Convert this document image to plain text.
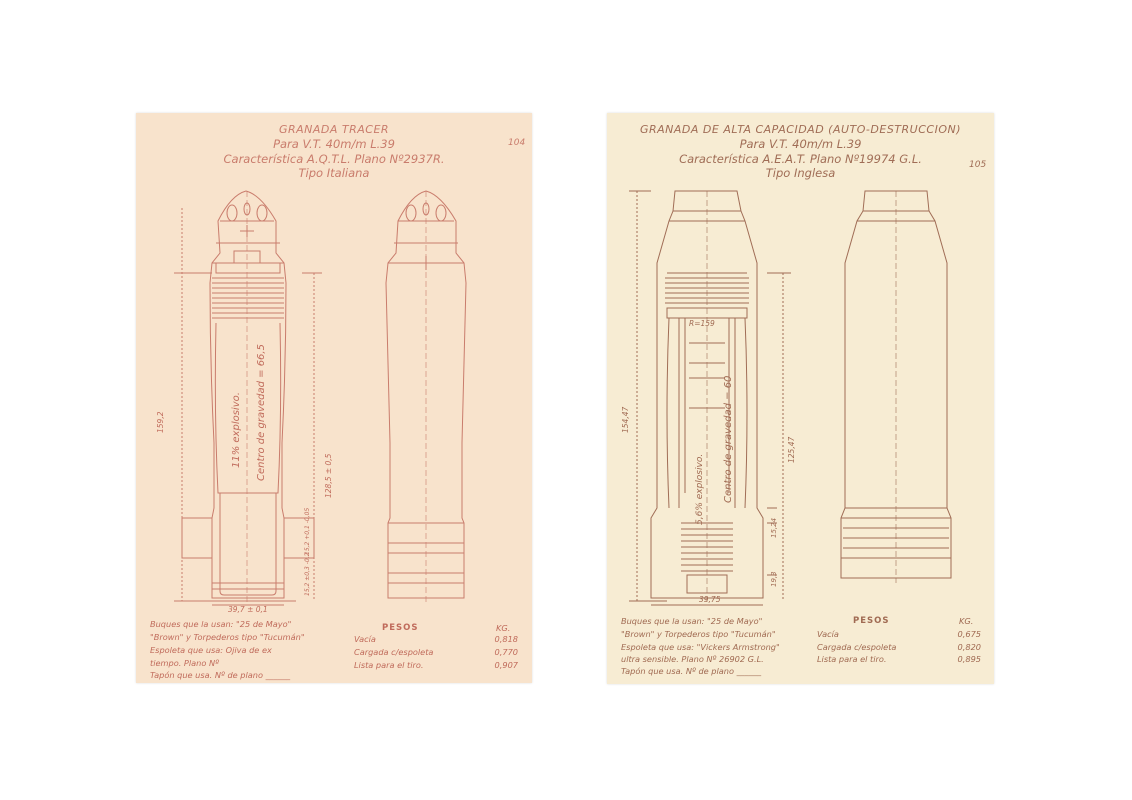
GRANADA TRACER
Para V.T. 40m/m L.39
Característica A.Q.T.L. Plano Nº2937R.
Tipo Italiana
104
11% explosivo. Centro de gravedad = 66,5
159,2
128,5 ± 0,5
15,2 +0,1 -0,05
15,2 ±0,3 -0,2
39,7 ± 0,1
Buques que la usan: "25 de Mayo"
"Brown" y Torpederos tipo "Tucumán"
Espoleta que usa: Ojiva de ex
tiempo. Plano Nº
Tapón que usa. Nº de plano ______
PESOS	KG.
Vacía	0,818
Cargada c/espoleta	0,770
Lista para el tiro.	0,907
GRANADA DE ALTA CAPACIDAD (AUTO-DESTRUCCION)
Para V.T. 40m/m L.39
Característica A.E.A.T. Plano Nº19974 G.L.
Tipo Inglesa
105
R=159
5,6% explosivo. Centro de gravedad = 60
154,47
125,47
15,24
19,3
39,75
Buques que la usan: "25 de Mayo"
"Brown" y Torpederos tipo "Tucumán"
Espoleta que usa: "Vickers Armstrong"
ultra sensible. Plano Nº 26902 G.L.
Tapón que usa. Nº de plano ______
PESOS	KG.
Vacía	0,675
Cargada c/espoleta	0,820
Lista para el tiro.	0,895
